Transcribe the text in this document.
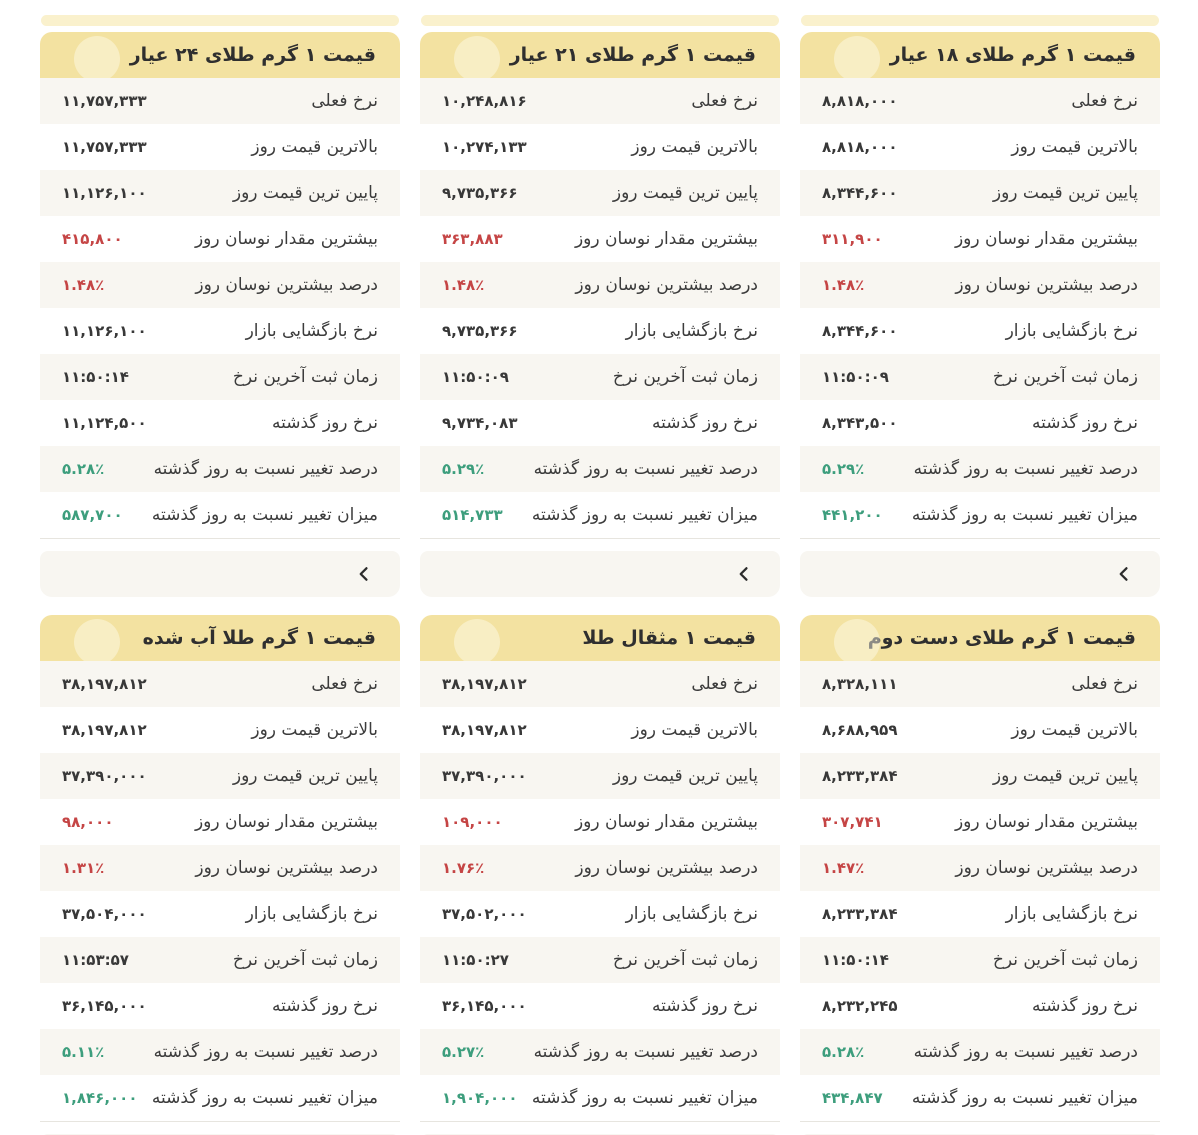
قیمت ۱ گرم طلای ۱۸ عیار
نرخ فعلی
۸,۸۱۸,۰۰۰
بالاترین قیمت روز
۸,۸۱۸,۰۰۰
پایین ترین قیمت روز
۸,۳۴۴,۶۰۰
بیشترین مقدار نوسان روز
۳۱۱,۹۰۰
درصد بیشترین نوسان روز
۱.۴۸٪
نرخ بازگشایی بازار
۸,۳۴۴,۶۰۰
زمان ثبت آخرین نرخ
۱۱:۵۰:۰۹
نرخ روز گذشته
۸,۳۴۳,۵۰۰
درصد تغییر نسبت به روز گذشته
۵.۲۹٪
میزان تغییر نسبت به روز گذشته
۴۴۱,۲۰۰
قیمت ۱ گرم طلای ۲۱ عیار
نرخ فعلی
۱۰,۲۴۸,۸۱۶
بالاترین قیمت روز
۱۰,۲۷۴,۱۳۳
پایین ترین قیمت روز
۹,۷۳۵,۳۶۶
بیشترین مقدار نوسان روز
۳۶۳,۸۸۳
درصد بیشترین نوسان روز
۱.۴۸٪
نرخ بازگشایی بازار
۹,۷۳۵,۳۶۶
زمان ثبت آخرین نرخ
۱۱:۵۰:۰۹
نرخ روز گذشته
۹,۷۳۴,۰۸۳
درصد تغییر نسبت به روز گذشته
۵.۲۹٪
میزان تغییر نسبت به روز گذشته
۵۱۴,۷۳۳
قیمت ۱ گرم طلای ۲۴ عیار
نرخ فعلی
۱۱,۷۵۷,۳۳۳
بالاترین قیمت روز
۱۱,۷۵۷,۳۳۳
پایین ترین قیمت روز
۱۱,۱۲۶,۱۰۰
بیشترین مقدار نوسان روز
۴۱۵,۸۰۰
درصد بیشترین نوسان روز
۱.۴۸٪
نرخ بازگشایی بازار
۱۱,۱۲۶,۱۰۰
زمان ثبت آخرین نرخ
۱۱:۵۰:۱۴
نرخ روز گذشته
۱۱,۱۲۴,۵۰۰
درصد تغییر نسبت به روز گذشته
۵.۲۸٪
میزان تغییر نسبت به روز گذشته
۵۸۷,۷۰۰
قیمت ۱ گرم طلای دست دوم
نرخ فعلی
۸,۳۲۸,۱۱۱
بالاترین قیمت روز
۸,۶۸۸,۹۵۹
پایین ترین قیمت روز
۸,۲۳۳,۳۸۴
بیشترین مقدار نوسان روز
۳۰۷,۷۴۱
درصد بیشترین نوسان روز
۱.۴۷٪
نرخ بازگشایی بازار
۸,۲۳۳,۳۸۴
زمان ثبت آخرین نرخ
۱۱:۵۰:۱۴
نرخ روز گذشته
۸,۲۳۲,۲۴۵
درصد تغییر نسبت به روز گذشته
۵.۲۸٪
میزان تغییر نسبت به روز گذشته
۴۳۴,۸۴۷
قیمت ۱ مثقال طلا
نرخ فعلی
۳۸,۱۹۷,۸۱۲
بالاترین قیمت روز
۳۸,۱۹۷,۸۱۲
پایین ترین قیمت روز
۳۷,۳۹۰,۰۰۰
بیشترین مقدار نوسان روز
۱۰۹,۰۰۰
درصد بیشترین نوسان روز
۱.۷۶٪
نرخ بازگشایی بازار
۳۷,۵۰۲,۰۰۰
زمان ثبت آخرین نرخ
۱۱:۵۰:۲۷
نرخ روز گذشته
۳۶,۱۴۵,۰۰۰
درصد تغییر نسبت به روز گذشته
۵.۲۷٪
میزان تغییر نسبت به روز گذشته
۱,۹۰۴,۰۰۰
قیمت ۱ گرم طلا آب شده
نرخ فعلی
۳۸,۱۹۷,۸۱۲
بالاترین قیمت روز
۳۸,۱۹۷,۸۱۲
پایین ترین قیمت روز
۳۷,۳۹۰,۰۰۰
بیشترین مقدار نوسان روز
۹۸,۰۰۰
درصد بیشترین نوسان روز
۱.۳۱٪
نرخ بازگشایی بازار
۳۷,۵۰۴,۰۰۰
زمان ثبت آخرین نرخ
۱۱:۵۳:۵۷
نرخ روز گذشته
۳۶,۱۴۵,۰۰۰
درصد تغییر نسبت به روز گذشته
۵.۱۱٪
میزان تغییر نسبت به روز گذشته
۱,۸۴۶,۰۰۰
